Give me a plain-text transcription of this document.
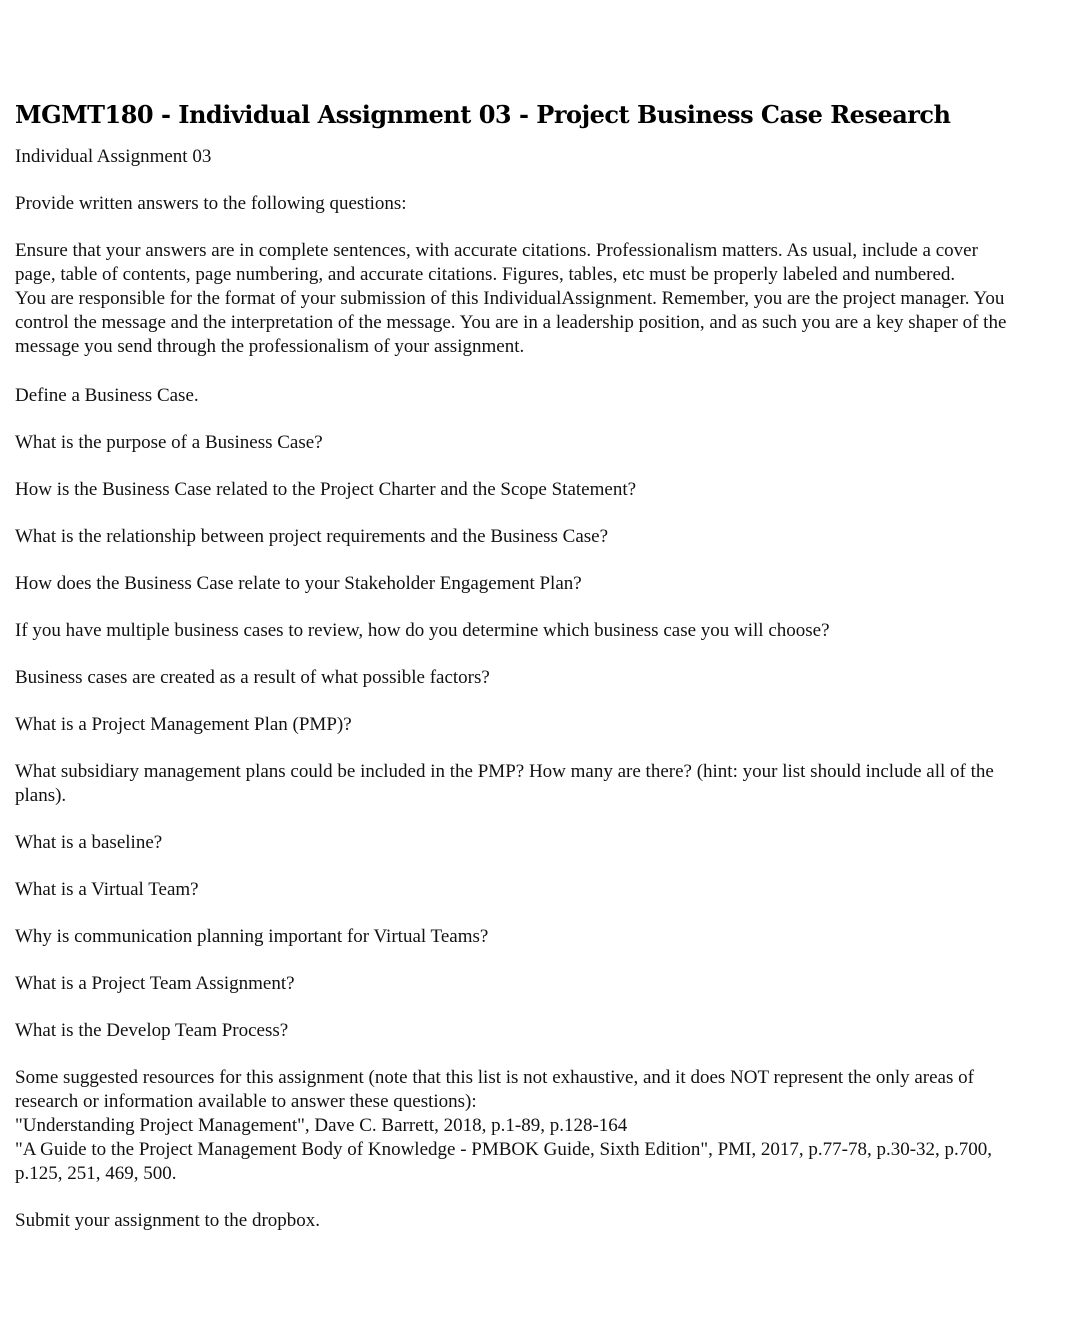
MGMT180 - Individual Assignment 03 - Project Business Case Research

Individual Assignment 03

Provide written answers to the following questions:

Ensure that your answers are in complete sentences, with accurate citations. Professionalism matters. As usual, include a cover page, table of contents, page numbering, and accurate citations. Figures, tables, etc must be properly labeled and numbered.

You are responsible for the format of your submission of this IndividualAssignment. Remember, you are the project manager. You control the message and the interpretation of the message. You are in a leadership position, and as such you are a key shaper of the message you send through the professionalism of your assignment.

Define a Business Case.
What is the purpose of a Business Case?
How is the Business Case related to the Project Charter and the Scope Statement?
What is the relationship between project requirements and the Business Case?
How does the Business Case relate to your Stakeholder Engagement Plan?
If you have multiple business cases to review, how do you determine which business case you will choose?
Business cases are created as a result of what possible factors?
What is a Project Management Plan (PMP)?
What subsidiary management plans could be included in the PMP? How many are there? (hint: your list should include all of the plans).
What is a baseline?
What is a Virtual Team?
Why is communication planning important for Virtual Teams?
What is a Project Team Assignment?
What is the Develop Team Process?

Some suggested resources for this assignment (note that this list is not exhaustive, and it does NOT represent the only areas of research or information available to answer these questions):

"Understanding Project Management", Dave C. Barrett, 2018, p.1-89, p.128-164

"A Guide to the Project Management Body of Knowledge - PMBOK Guide, Sixth Edition", PMI, 2017, p.77-78, p.30-32, p.700, p.125, 251, 469, 500.

Submit your assignment to the dropbox.
